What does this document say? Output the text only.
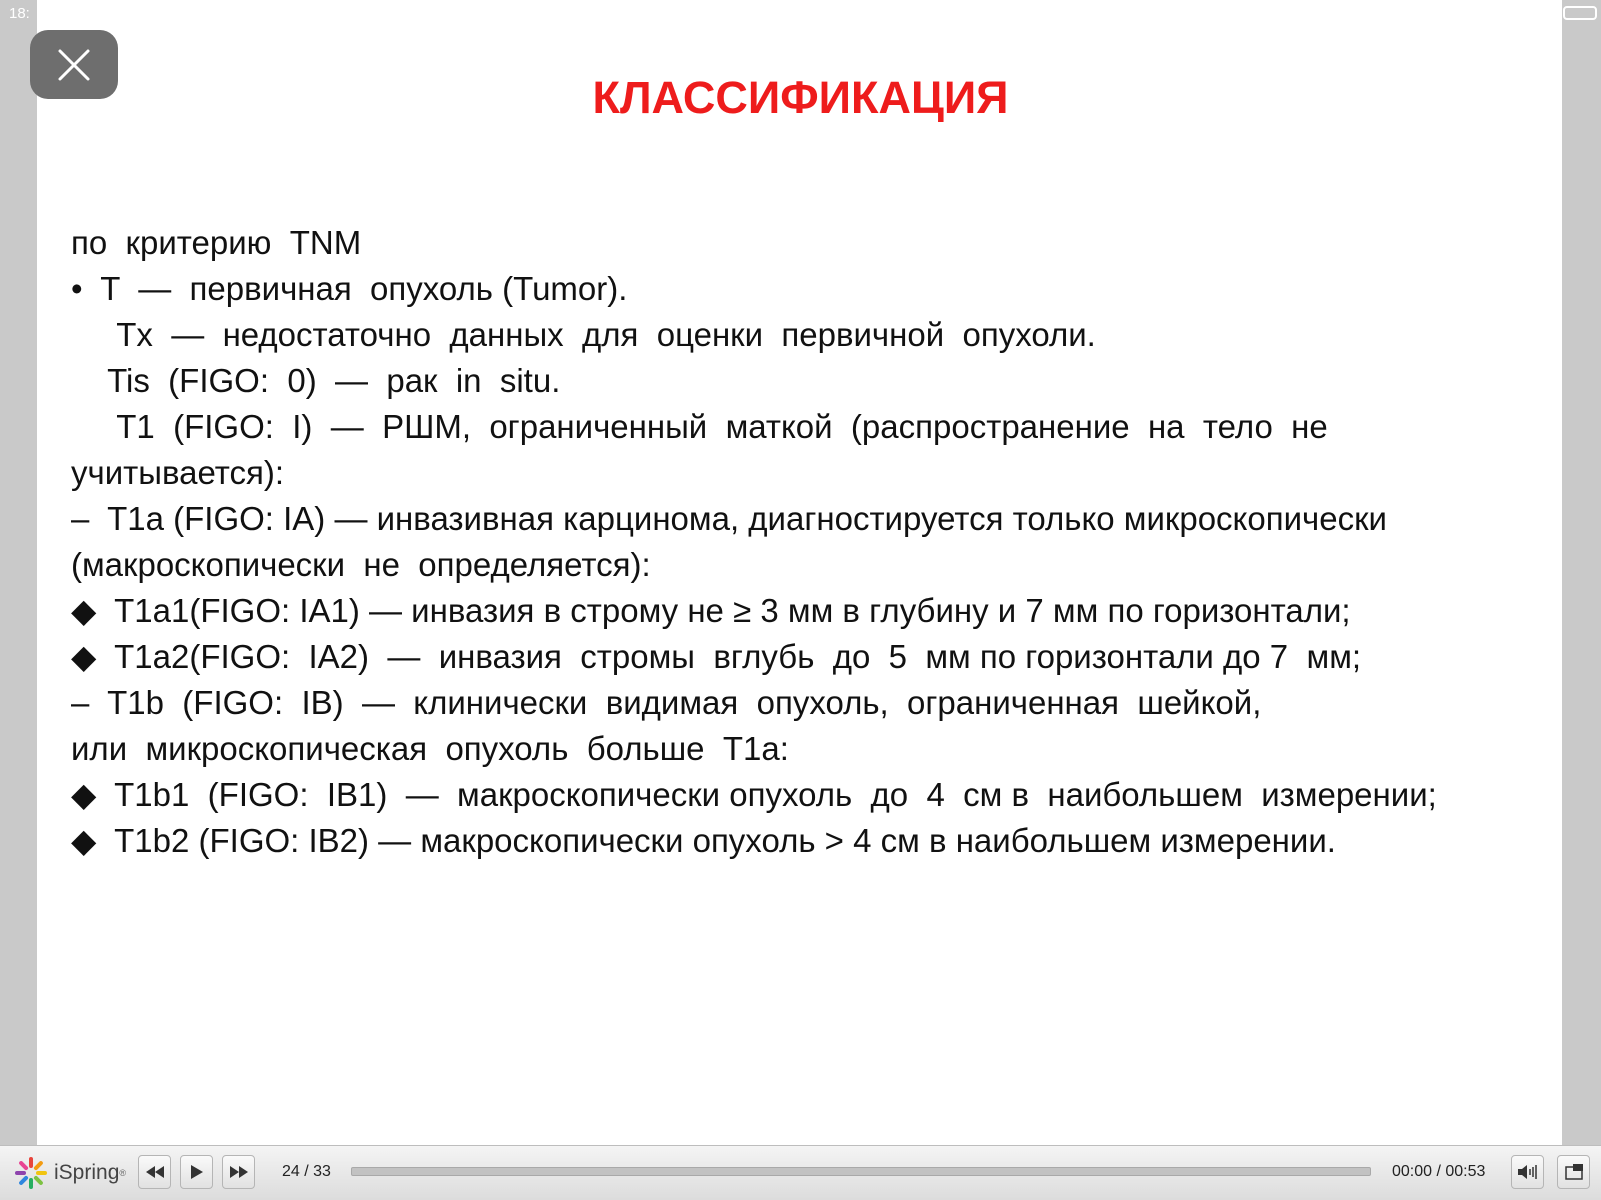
18:
КЛАССИФИКАЦИЯ
по  критерию  TNM
•  T  —  первичная  опухоль (Tumor).
Tx  —  недостаточно  данных  для  оценки  первичной  опухоли.
Tis  (FIGO:  0)  —  рак  in  situ.
T1  (FIGO:  I)  —  РШМ,  ограниченный  маткой  (распространение  на  тело  не
учитывается):
–  T1a (FIGO: IA) — инвазивная карцинома, диагностируется только микроскопически
(макроскопически  не  определяется):
◆  T1a1(FIGO: IA1) — инвазия в строму не ≥ 3 мм в глубину и 7 мм по горизонтали;
◆  T1a2(FIGO:  IA2)  —  инвазия  стромы  вглубь  до  5  мм по горизонтали до 7  мм;
–  T1b  (FIGO:  IB)  —  клинически  видимая  опухоль,  ограниченная  шейкой,
или  микроскопическая  опухоль  больше  T1a:
◆  T1b1  (FIGO:  IB1)  —  макроскопически опухоль  до  4  см в  наибольшем  измерении;
◆  T1b2 (FIGO: IB2) — макроскопически опухоль > 4 см в наибольшем измерении.
iSpring ®	24 / 33	00:00 / 00:53
